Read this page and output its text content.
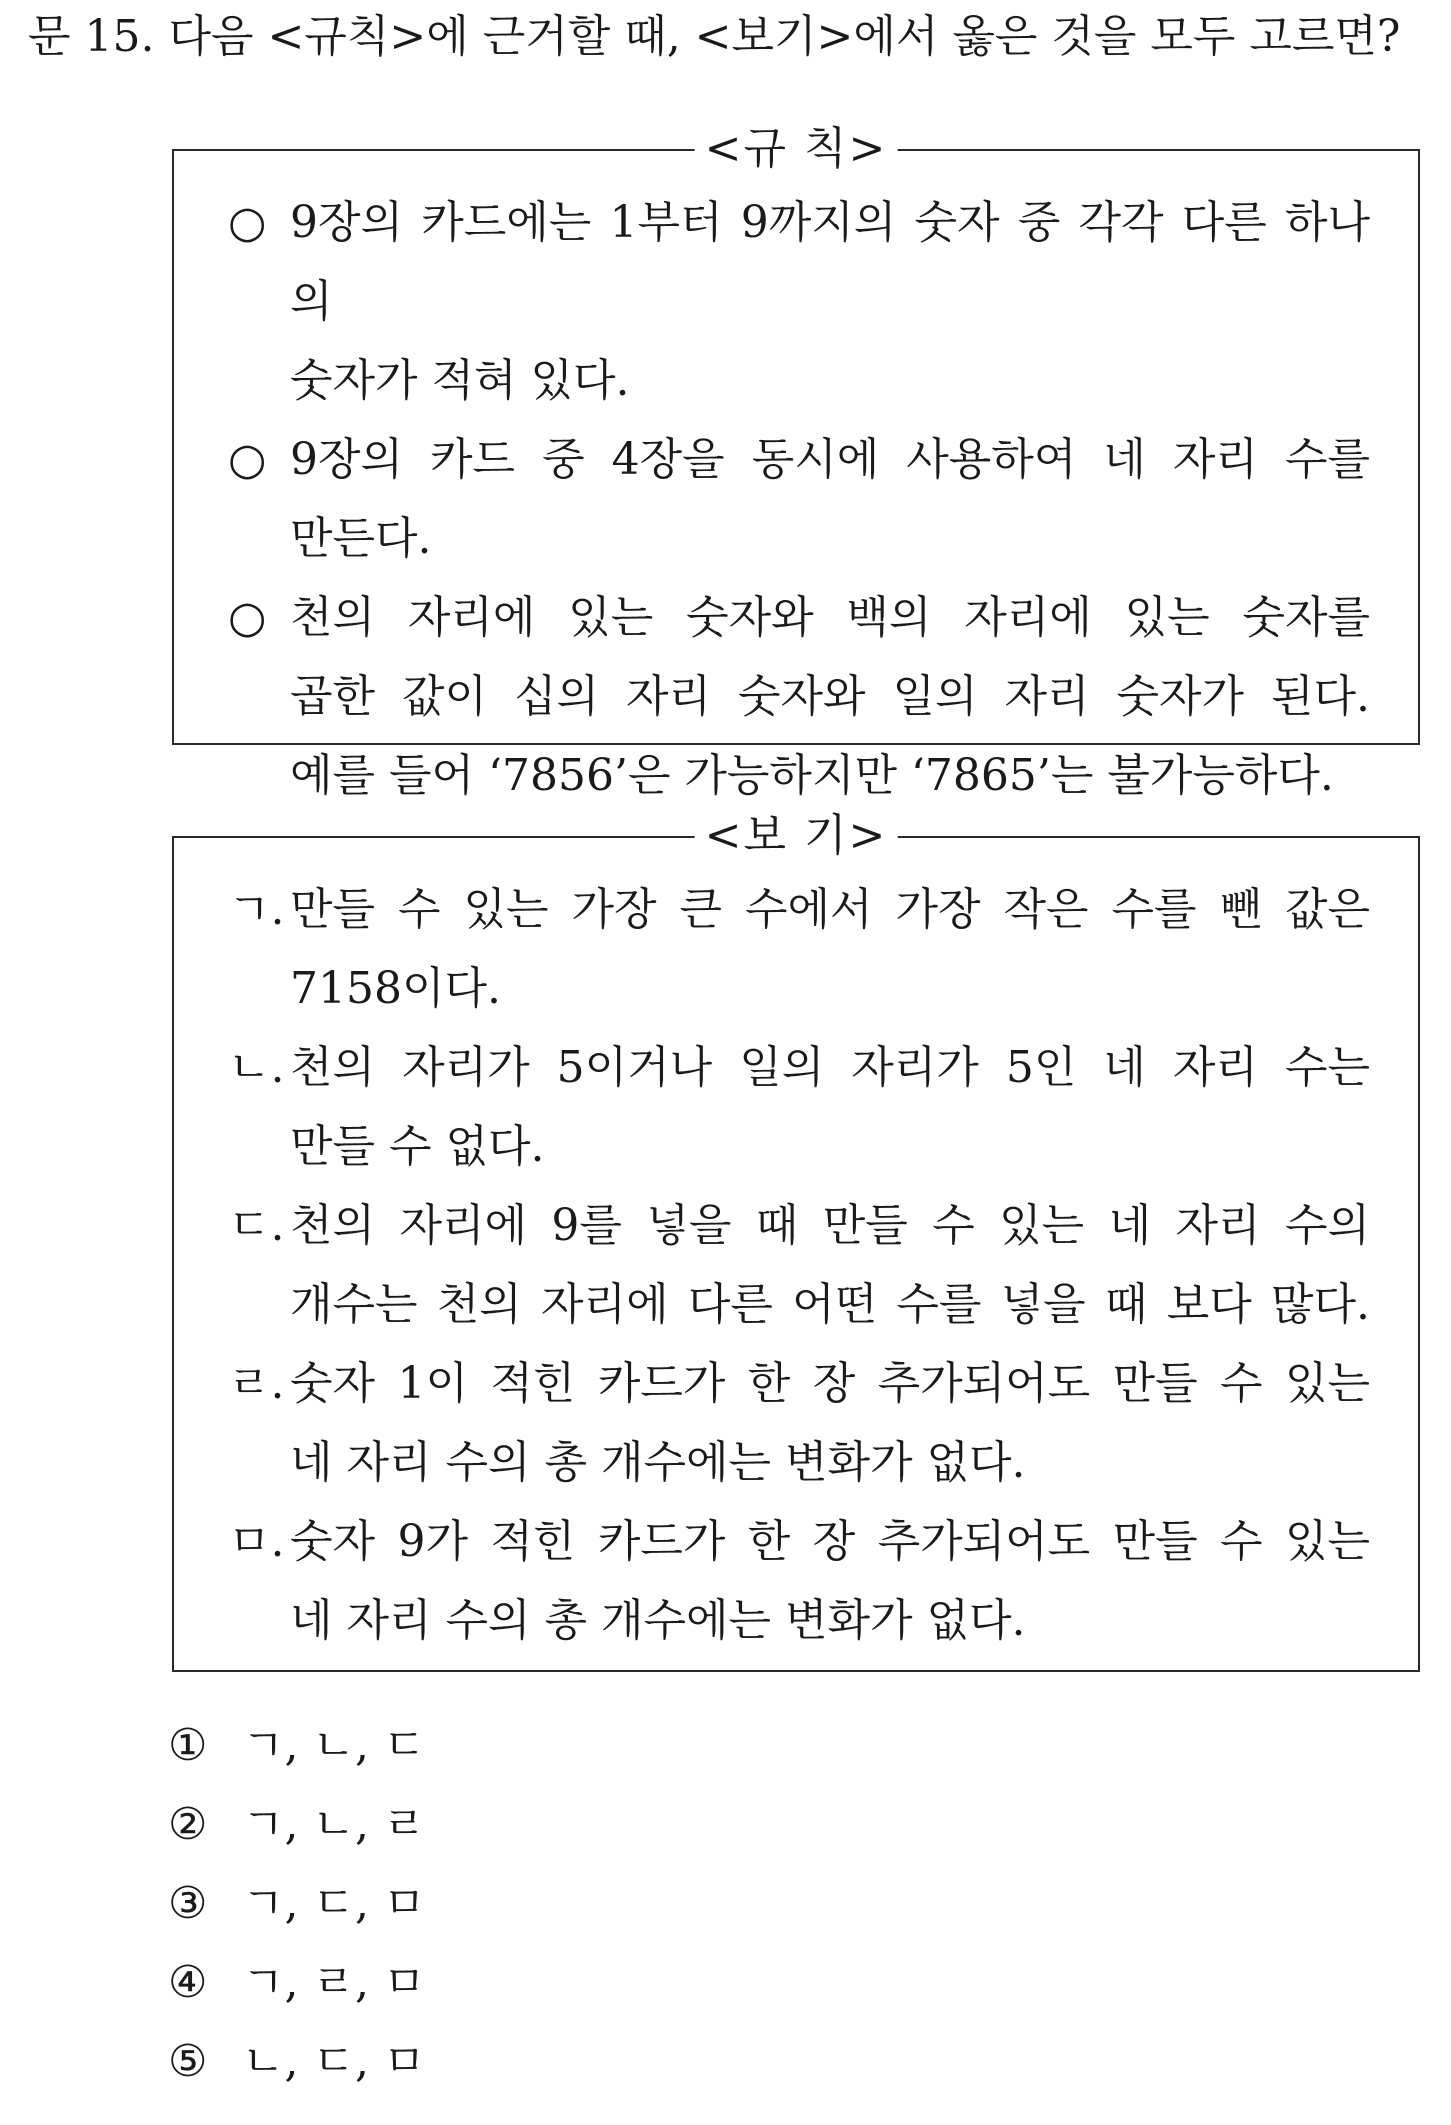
문 15. 다음 <규칙>에 근거할 때, <보기>에서 옳은 것을 모두 고르면?
<규 칙>
○ 9장의 카드에는 1부터 9까지의 숫자 중 각각 다른 하나의
숫자가 적혀 있다.
○ 9장의 카드 중 4장을 동시에 사용하여 네 자리 수를
만든다.
○ 천의 자리에 있는 숫자와 백의 자리에 있는 숫자를
곱한 값이 십의 자리 숫자와 일의 자리 숫자가 된다.
예를 들어 ‘7856’은 가능하지만 ‘7865’는 불가능하다.
<보 기>
ㄱ. 만들 수 있는 가장 큰 수에서 가장 작은 수를 뺀 값은
7158이다.
ㄴ. 천의 자리가 5이거나 일의 자리가 5인 네 자리 수는
만들 수 없다.
ㄷ. 천의 자리에 9를 넣을 때 만들 수 있는 네 자리 수의
개수는 천의 자리에 다른 어떤 수를 넣을 때 보다 많다.
ㄹ. 숫자 1이 적힌 카드가 한 장 추가되어도 만들 수 있는
네 자리 수의 총 개수에는 변화가 없다.
ㅁ. 숫자 9가 적힌 카드가 한 장 추가되어도 만들 수 있는
네 자리 수의 총 개수에는 변화가 없다.
① ㄱ, ㄴ, ㄷ
② ㄱ, ㄴ, ㄹ
③ ㄱ, ㄷ, ㅁ
④ ㄱ, ㄹ, ㅁ
⑤ ㄴ, ㄷ, ㅁ
